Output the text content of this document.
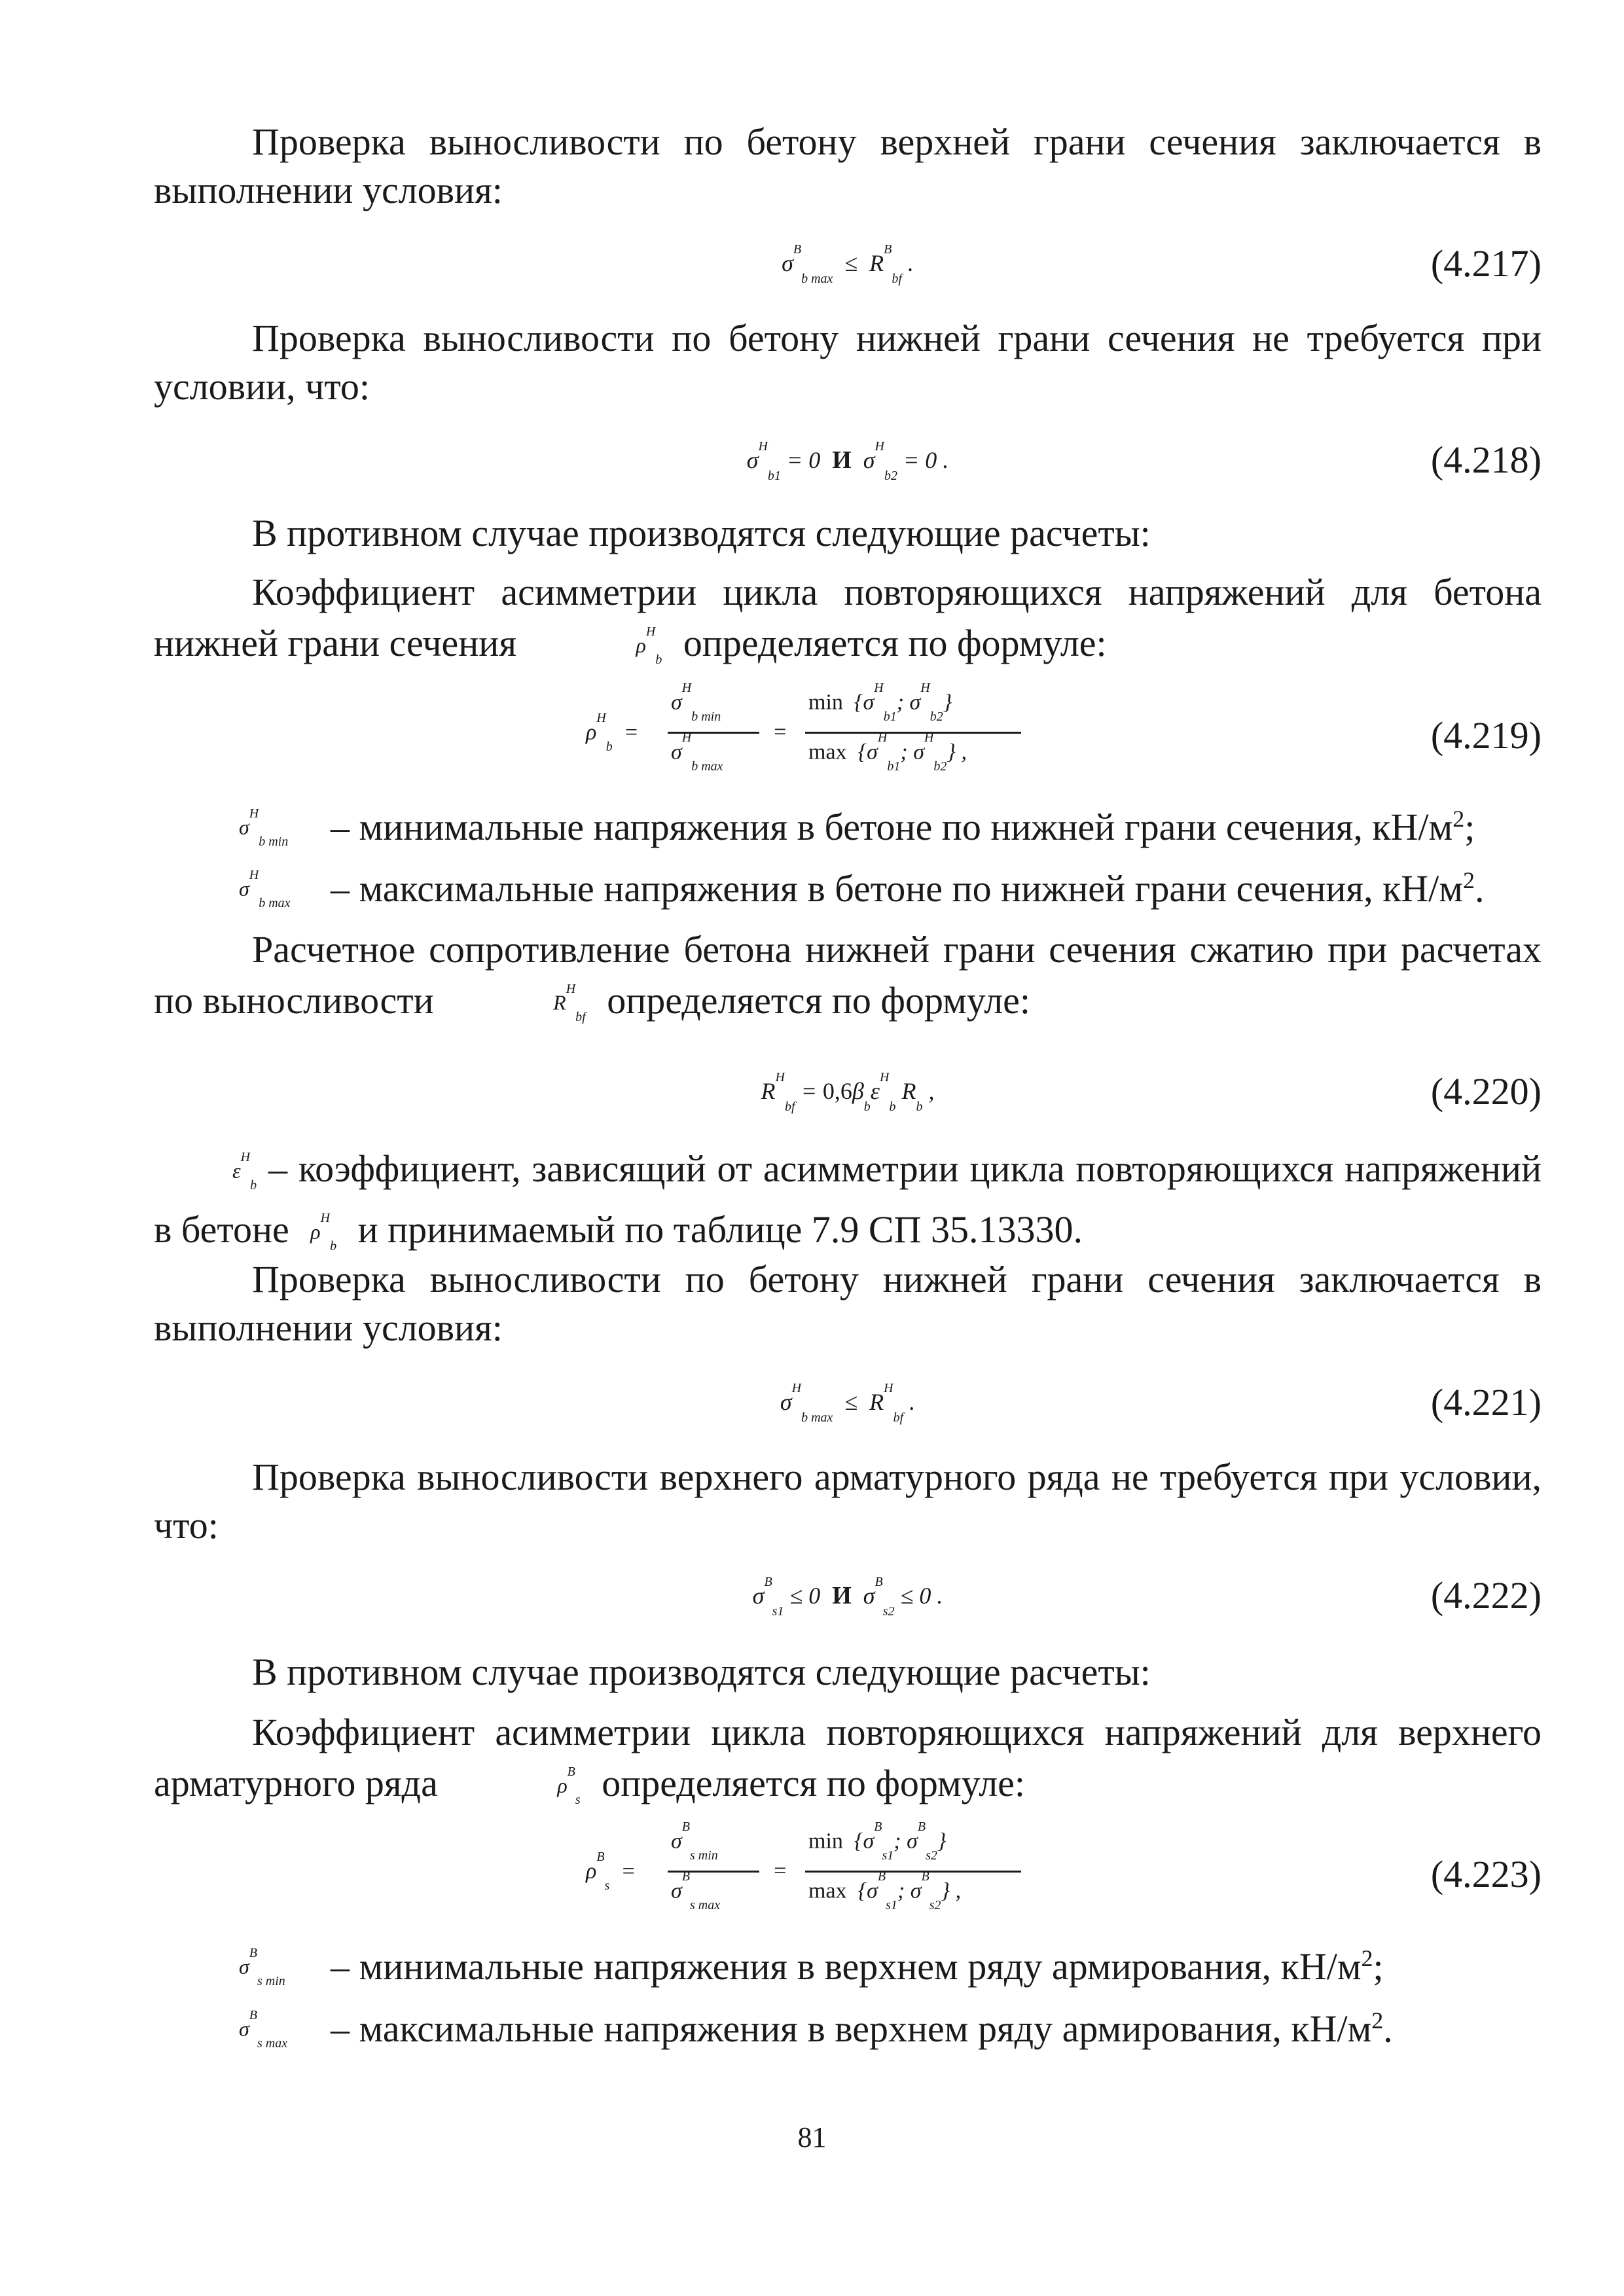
Проверка выносливости по бетону верхней грани сечения заключается в выполнении условия:
$\sigma^B_{b max} \le R^B_{bf}$ .	(4.217)
Проверка выносливости по бетону нижней грани сечения не требуется при условии, что:
$\sigma^H_{b1} = 0$  И  $\sigma^H_{b2} = 0$ .	(4.218)
В противном случае производятся следующие расчеты:
Коэффициент асимметрии цикла повторяющихся напряжений для бетона нижней грани сечения	$\rho^H_b$ определяется по формуле:
$\rho^H_b$  =
$\sigma^H_{b min}$
$\sigma^H_{b max}$
=
$\min \{\sigma^H_{b1}$; $\sigma^H_{b2}$}
$\max \{\sigma^H_{b1}$; $\sigma^H_{b2}$} ,	(4.219)
$\sigma^H_{b min}$ – минимальные напряжения в бетоне по нижней грани сечения, $кН/м^2$;
$\sigma^H_{b max}$ – максимальные напряжения в бетоне по нижней грани сечения, $кН/м^2$.
Расчетное сопротивление бетона нижней грани сечения сжатию при расчетах по выносливости	$R^H_{bf}$ определяется по формуле:
$R^H_{bf} = 0,6\beta_b\varepsilon^H_b$ $R_b$ ,	(4.220)
$\varepsilon^H_b$ – коэффициент, зависящий от асимметрии цикла повторяющихся напряжений в бетоне $\rho^H_b$ и принимаемый по таблице 7.9 СП 35.13330.
Проверка выносливости по бетону нижней грани сечения заключается в выполнении условия:
$\sigma^H_{b max} \le R^H_{bf}$ .	(4.221)
Проверка выносливости верхнего арматурного ряда не требуется при условии, что:
$\sigma^B_{s1} \le 0$  И  $\sigma^B_{s2} \le 0$ .	(4.222)
В противном случае производятся следующие расчеты:
Коэффициент асимметрии цикла повторяющихся напряжений для верхнего арматурного ряда	$\rho^B_s$ определяется по формуле:
$\rho^B_s$  =
$\sigma^B_{s min}$
$\sigma^B_{s max}$
=
$\min \{\sigma^B_{s1}$; $\sigma^B_{s2}$}
$\max \{\sigma^B_{s1}$; $\sigma^B_{s2}$} ,	(4.223)
$\sigma^B_{s min}$ – минимальные напряжения в верхнем ряду армирования, $кН/м^2$;
$\sigma^B_{s max}$ – максимальные напряжения в верхнем ряду армирования, $кН/м^2$.
81
